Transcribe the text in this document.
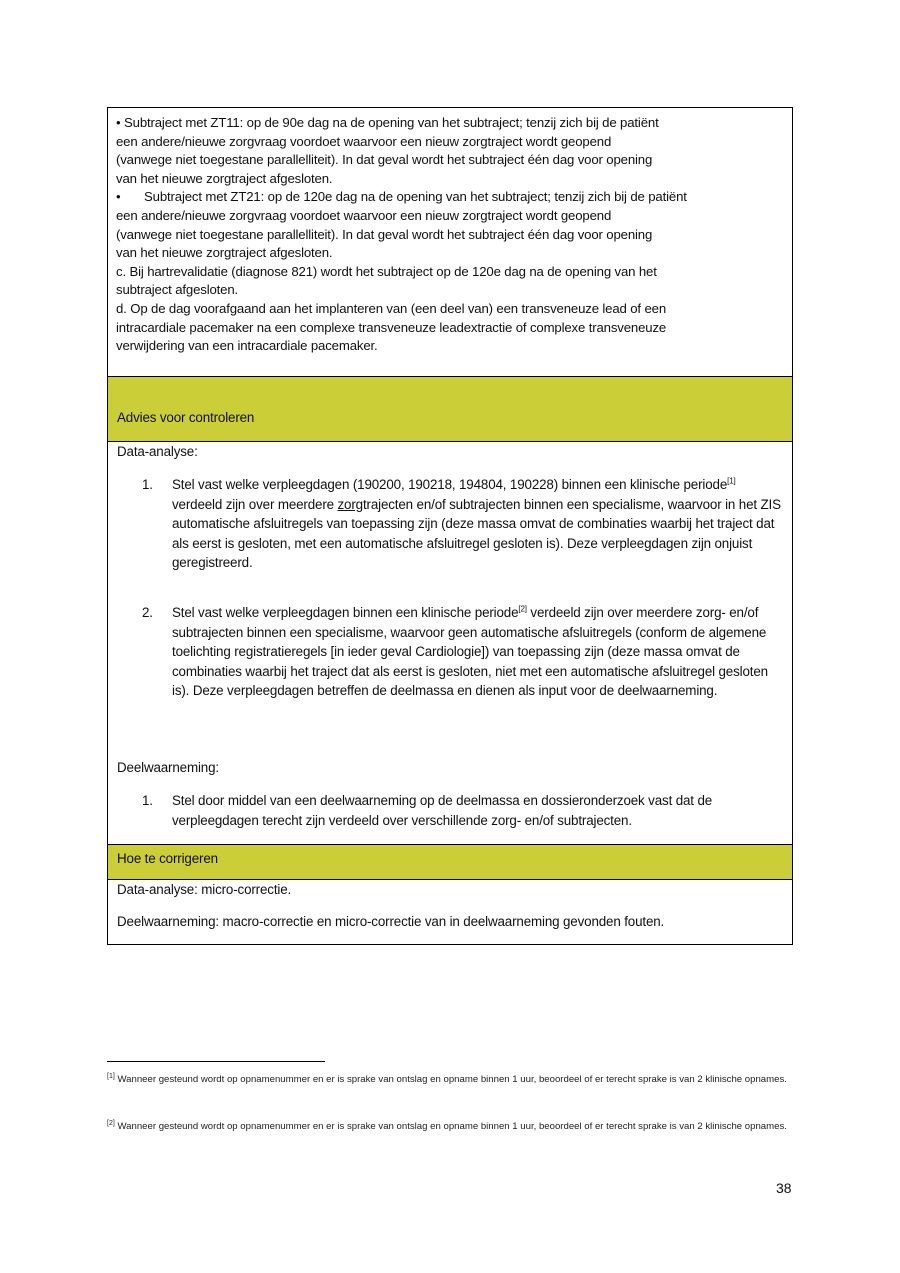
• Subtraject met ZT11: op de 90e dag na de opening van het subtraject; tenzij zich bij de patiënt

een andere/nieuwe zorgvraag voordoet waarvoor een nieuw zorgtraject wordt geopend

(vanwege niet toegestane parallelliteit). In dat geval wordt het subtraject één dag voor opening

van het nieuwe zorgtraject afgesloten.

• Subtraject met ZT21: op de 120e dag na de opening van het subtraject; tenzij zich bij de patiënt

een andere/nieuwe zorgvraag voordoet waarvoor een nieuw zorgtraject wordt geopend

(vanwege niet toegestane parallelliteit). In dat geval wordt het subtraject één dag voor opening

van het nieuwe zorgtraject afgesloten.

c. Bij hartrevalidatie (diagnose 821) wordt het subtraject op de 120e dag na de opening van het

subtraject afgesloten.

d. Op de dag voorafgaand aan het implanteren van (een deel van) een transveneuze lead of een

intracardiale pacemaker na een complexe transveneuze leadextractie of complexe transveneuze

verwijdering van een intracardiale pacemaker.

Advies voor controleren

Data-analyse:

1. Stel vast welke verpleegdagen (190200, 190218, 194804, 190228) binnen een klinische periode[1] verdeeld zijn over meerdere zorgtrajecten en/of subtrajecten binnen een specialisme, waarvoor in het ZIS automatische afsluitregels van toepassing zijn (deze massa omvat de combinaties waarbij het traject dat als eerst is gesloten, met een automatische afsluitregel gesloten is). Deze verpleegdagen zijn onjuist geregistreerd.

2. Stel vast welke verpleegdagen binnen een klinische periode[2] verdeeld zijn over meerdere zorg- en/of subtrajecten binnen een specialisme, waarvoor geen automatische afsluitregels (conform de algemene toelichting registratieregels [in ieder geval Cardiologie]) van toepassing zijn (deze massa omvat de combinaties waarbij het traject dat als eerst is gesloten, niet met een automatische afsluitregel gesloten is). Deze verpleegdagen betreffen de deelmassa en dienen als input voor de deelwaarneming.

Deelwaarneming:

1. Stel door middel van een deelwaarneming op de deelmassa en dossieronderzoek vast dat de verpleegdagen terecht zijn verdeeld over verschillende zorg- en/of subtrajecten.

Hoe te corrigeren

Data-analyse: micro-correctie.

Deelwaarneming: macro-correctie en micro-correctie van in deelwaarneming gevonden fouten.

[1] Wanneer gesteund wordt op opnamenummer en er is sprake van ontslag en opname binnen 1 uur, beoordeel of er terecht sprake is van 2 klinische opnames.
[2] Wanneer gesteund wordt op opnamenummer en er is sprake van ontslag en opname binnen 1 uur, beoordeel of er terecht sprake is van 2 klinische opnames.
38
